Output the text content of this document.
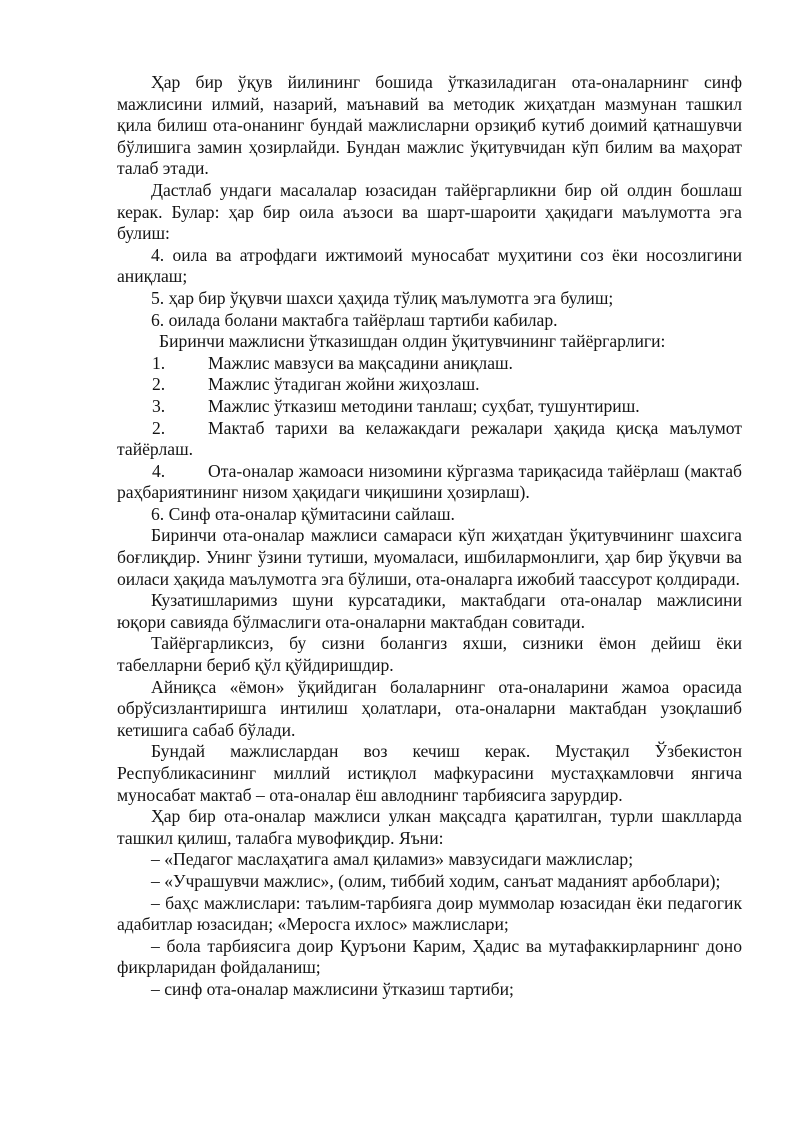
Ҳар бир ўқув йилининг бошида ўтказиладиган ота-оналарнинг синф мажлисини илмий, назарий, маънавий ва методик жиҳатдан мазмунан ташкил қила билиш ота-онанинг бундай мажлисларни орзиқиб кутиб доимий қатнашувчи бўлишига замин ҳозирлайди. Бундан мажлис ўқитувчидан кўп билим ва маҳорат талаб этади.

Дастлаб ундаги масалалар юзасидан тайёргарликни бир ой олдин бошлаш керак. Булар: ҳар бир оила аъзоси ва шарт-шароити ҳақидаги маълумотта эга булиш:

4. оила ва атрофдаги ижтимоий муносабат муҳитини соз ёки носозлигини аниқлаш;

5. ҳар бир ўқувчи шахси ҳаҳида тўлиқ маълумотга эга булиш;

6. оилада болани мактабга тайёрлаш тартиби кабилар.

Биринчи мажлисни ўтказишдан олдин ўқитувчининг тайёргарлиги:

1. Мажлис мавзуси ва мақсадини аниқлаш.

2. Мажлис ўтадиган жойни жиҳозлаш.

3. Мажлис ўтказиш методини танлаш; суҳбат, тушунтириш.

2. Мактаб тарихи ва келажакдаги режалари ҳақида қисқа маълумот тайёрлаш.

4. Ота-оналар жамоаси низомини кўргазма тариқасида тайёрлаш (мактаб раҳбариятининг низом ҳақидаги чиқишини ҳозирлаш).

6. Синф ота-оналар қўмитасини сайлаш.

Биринчи ота-оналар мажлиси самараси кўп жиҳатдан ўқитувчининг шахсига боғлиқдир. Унинг ўзини тутиши, муомаласи, ишбилармонлиги, ҳар бир ўқувчи ва оиласи ҳақида маълумотга эга бўлиши, ота-оналарга ижобий таассурот қолдиради.

Кузатишларимиз шуни курсатадики, мактабдаги ота-оналар мажлисини юқори савияда бўлмаслиги ота-оналарни мактабдан совитади.

Тайёргарликсиз, бу сизни болангиз яхши, сизники ёмон дейиш ёки табелларни бериб қўл қўйдиришдир.

Айниқса «ёмон» ўқийдиган болаларнинг ота-оналарини жамоа орасида обрўсизлантиришга интилиш ҳолатлари, ота-оналарни мактабдан узоқлашиб кетишига сабаб бўлади.

Бундай мажлислардан воз кечиш керак. Мустақил Ўзбекистон Республикасининг миллий истиқлол мафкурасини мустаҳкамловчи янгича муносабат мактаб – ота-оналар ёш авлоднинг тарбиясига зарурдир.

Ҳар бир ота-оналар мажлиси улкан мақсадга қаратилган, турли шаклларда ташкил қилиш, талабга мувофиқдир. Яъни:

– «Педагог маслаҳатига амал қиламиз» мавзусидаги мажлислар;

– «Учрашувчи мажлис», (олим, тиббий ходим, санъат маданият арбоблари);

– баҳс мажлислари: таълим-тарбияга доир муммолар юзасидан ёки педагогик адабитлар юзасидан; «Меросга ихлос» мажлислари;

– бола тарбиясига доир Қуръони Карим, Ҳадис ва мутафаккирларнинг доно фикрларидан фойдаланиш;

– синф ота-оналар мажлисини ўтказиш тартиби;
